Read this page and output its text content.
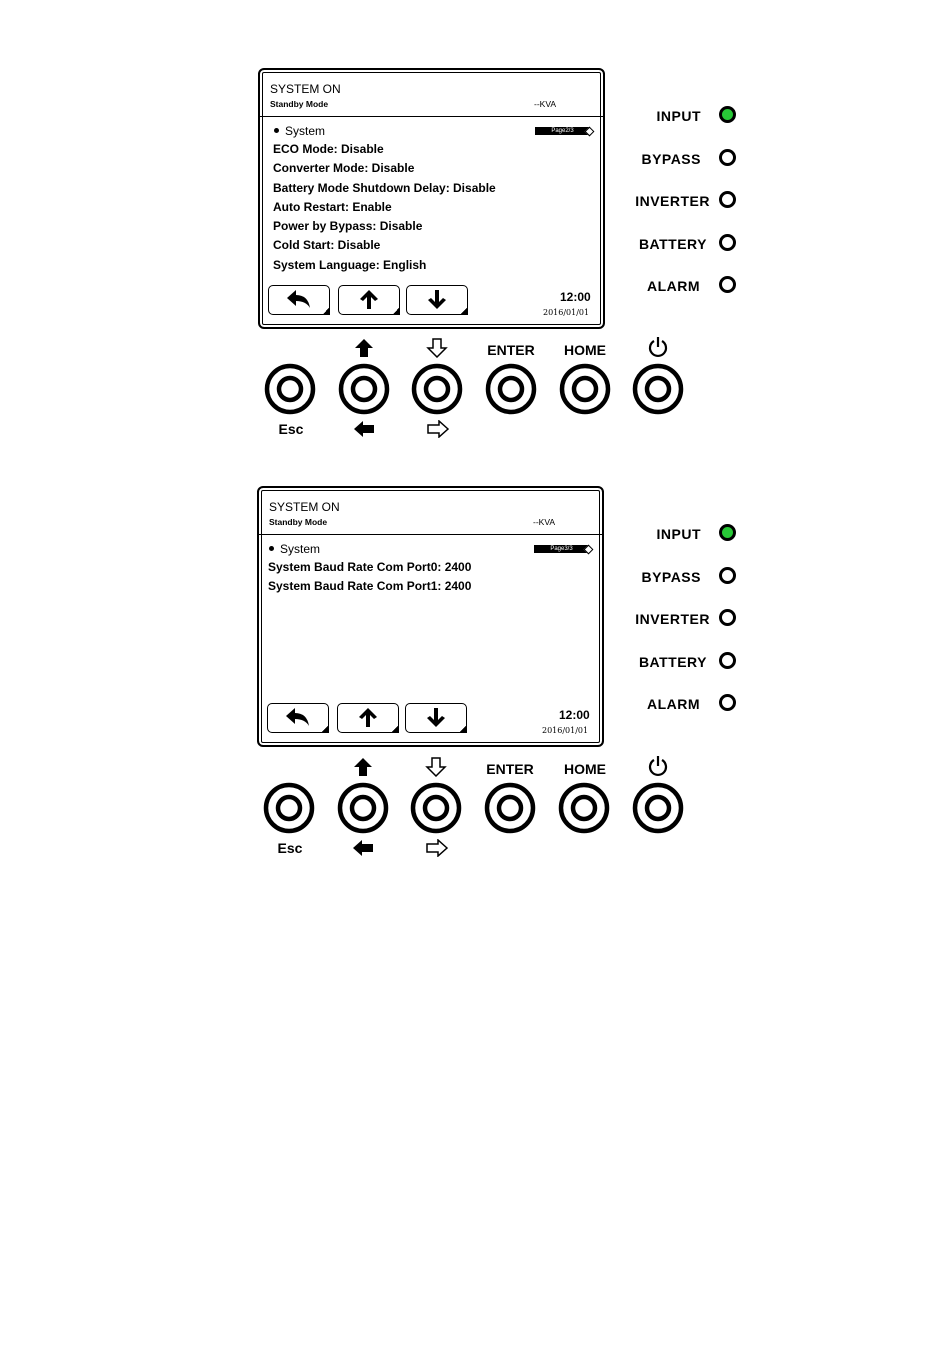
SYSTEM ON
Standby Mode	--KVA
System	Page2/3
ECO Mode: Disable
Converter Mode: Disable
Battery Mode Shutdown Delay: Disable
Auto Restart: Enable
Power by Bypass: Disable
Cold Start: Disable
System Language: English
12:00
2016/01/01
INPUT
BYPASS
INVERTER
BATTERY
ALARM
ENTER	HOME
Esc
SYSTEM ON
Standby Mode	--KVA
System	Page3/3
System Baud Rate Com Port0: 2400
System Baud Rate Com Port1: 2400
12:00
2016/01/01
INPUT
BYPASS
INVERTER
BATTERY
ALARM
ENTER	HOME
Esc
